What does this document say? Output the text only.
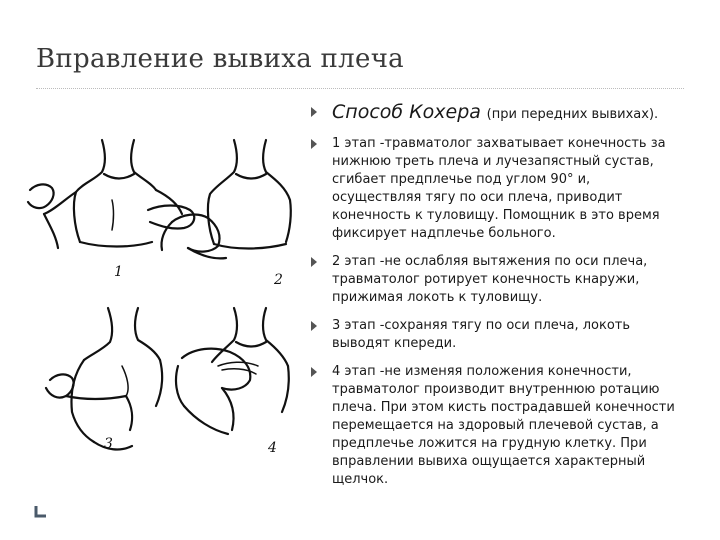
Вправление вывиха плеча
1	2
3	4
Способ Кохера (при передних вывихах).
1 этап -травматолог захватывает конечность за нижнюю треть плеча и лучезапястный сустав, сгибает предплечье под углом 90° и, осуществляя тягу по оси плеча, приводит конечность к туловищу. Помощник в это время фиксирует надплечье больного.
2 этап -не ослабляя вытяжения по оси плеча, травматолог ротирует конечность кнаружи, прижимая локоть к туловищу.
3 этап -сохраняя тягу по оси плеча, локоть выводят кпереди.
4 этап -не изменяя положения конечности, травматолог производит внутреннюю ротацию плеча. При этом кисть пострадавшей конечности перемещается на здоровый плечевой сустав, а предплечье ложится на грудную клетку. При вправлении вывиха ощущается характерный щелчок.
